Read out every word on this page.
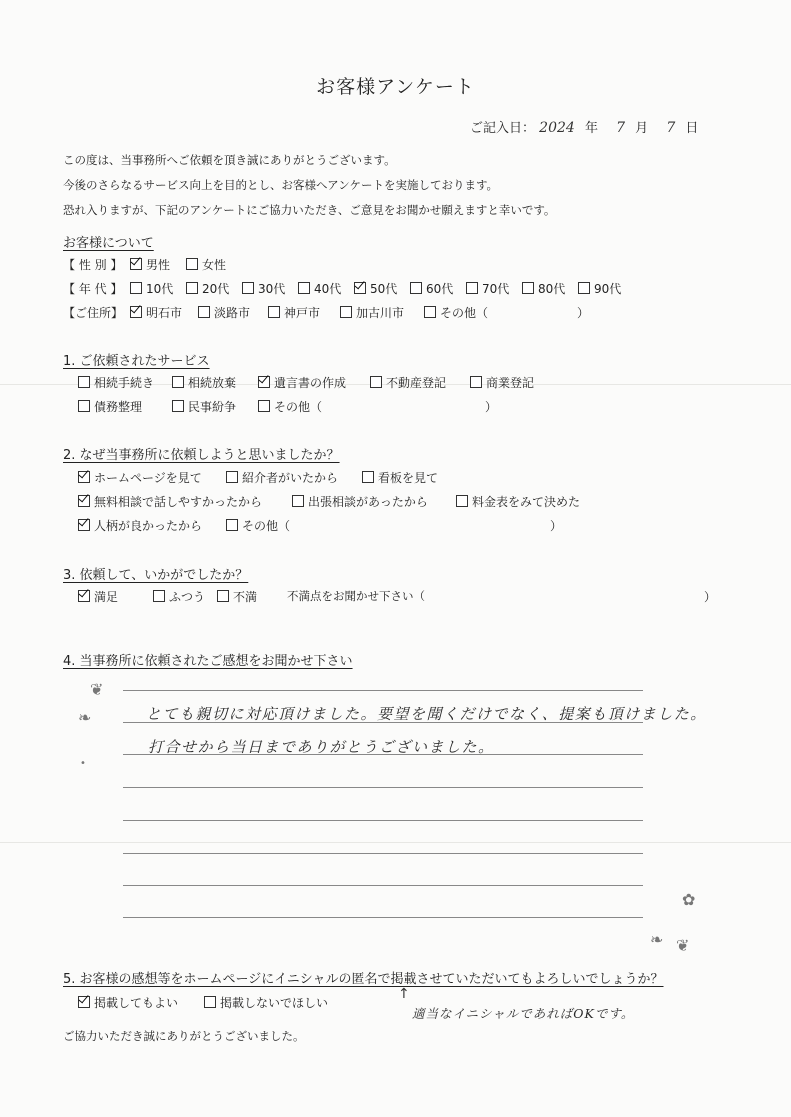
お客様アンケート
ご記入日： 2024 年 7 月 7 日
この度は、当事務所へご依頼を頂き誠にありがとうございます。
今後のさらなるサービス向上を目的とし、お客様へアンケートを実施しております。
恐れ入りますが、下記のアンケートにご協力いただき、ご意見をお聞かせ願えますと幸いです。
お客様について
【 性 別 】	男性	女性
【 年 代 】	10代	20代	30代	40代	50代	60代	70代	80代	90代
【ご住所】	明石市	淡路市	神戸市	加古川市	その他（	）
1. ご依頼されたサービス
相続手続き	相続放棄	遺言書の作成	不動産登記	商業登記
債務整理	民事紛争	その他（	）
2. なぜ当事務所に依頼しようと思いましたか？
ホームページを見て	紹介者がいたから	看板を見て
無料相談で話しやすかったから	出張相談があったから	料金表をみて決めた
人柄が良かったから	その他（	）
3. 依頼して、いかがでしたか？
満足	ふつう	不満	不満点をお聞かせ下さい（	）
4. 当事務所に依頼されたご感想をお聞かせ下さい
❦
❧
•
とても親切に対応頂けました。要望を聞くだけでなく、提案も頂けました。
打合せから当日までありがとうございました。
✿
❧ ❦
5. お客様の感想等をホームページにイニシャルの匿名で掲載させていただいてもよろしいでしょうか？
掲載してもよい	掲載しないでほしい
↑
適当なイニシャルであればOKです。
ご協力いただき誠にありがとうございました。
